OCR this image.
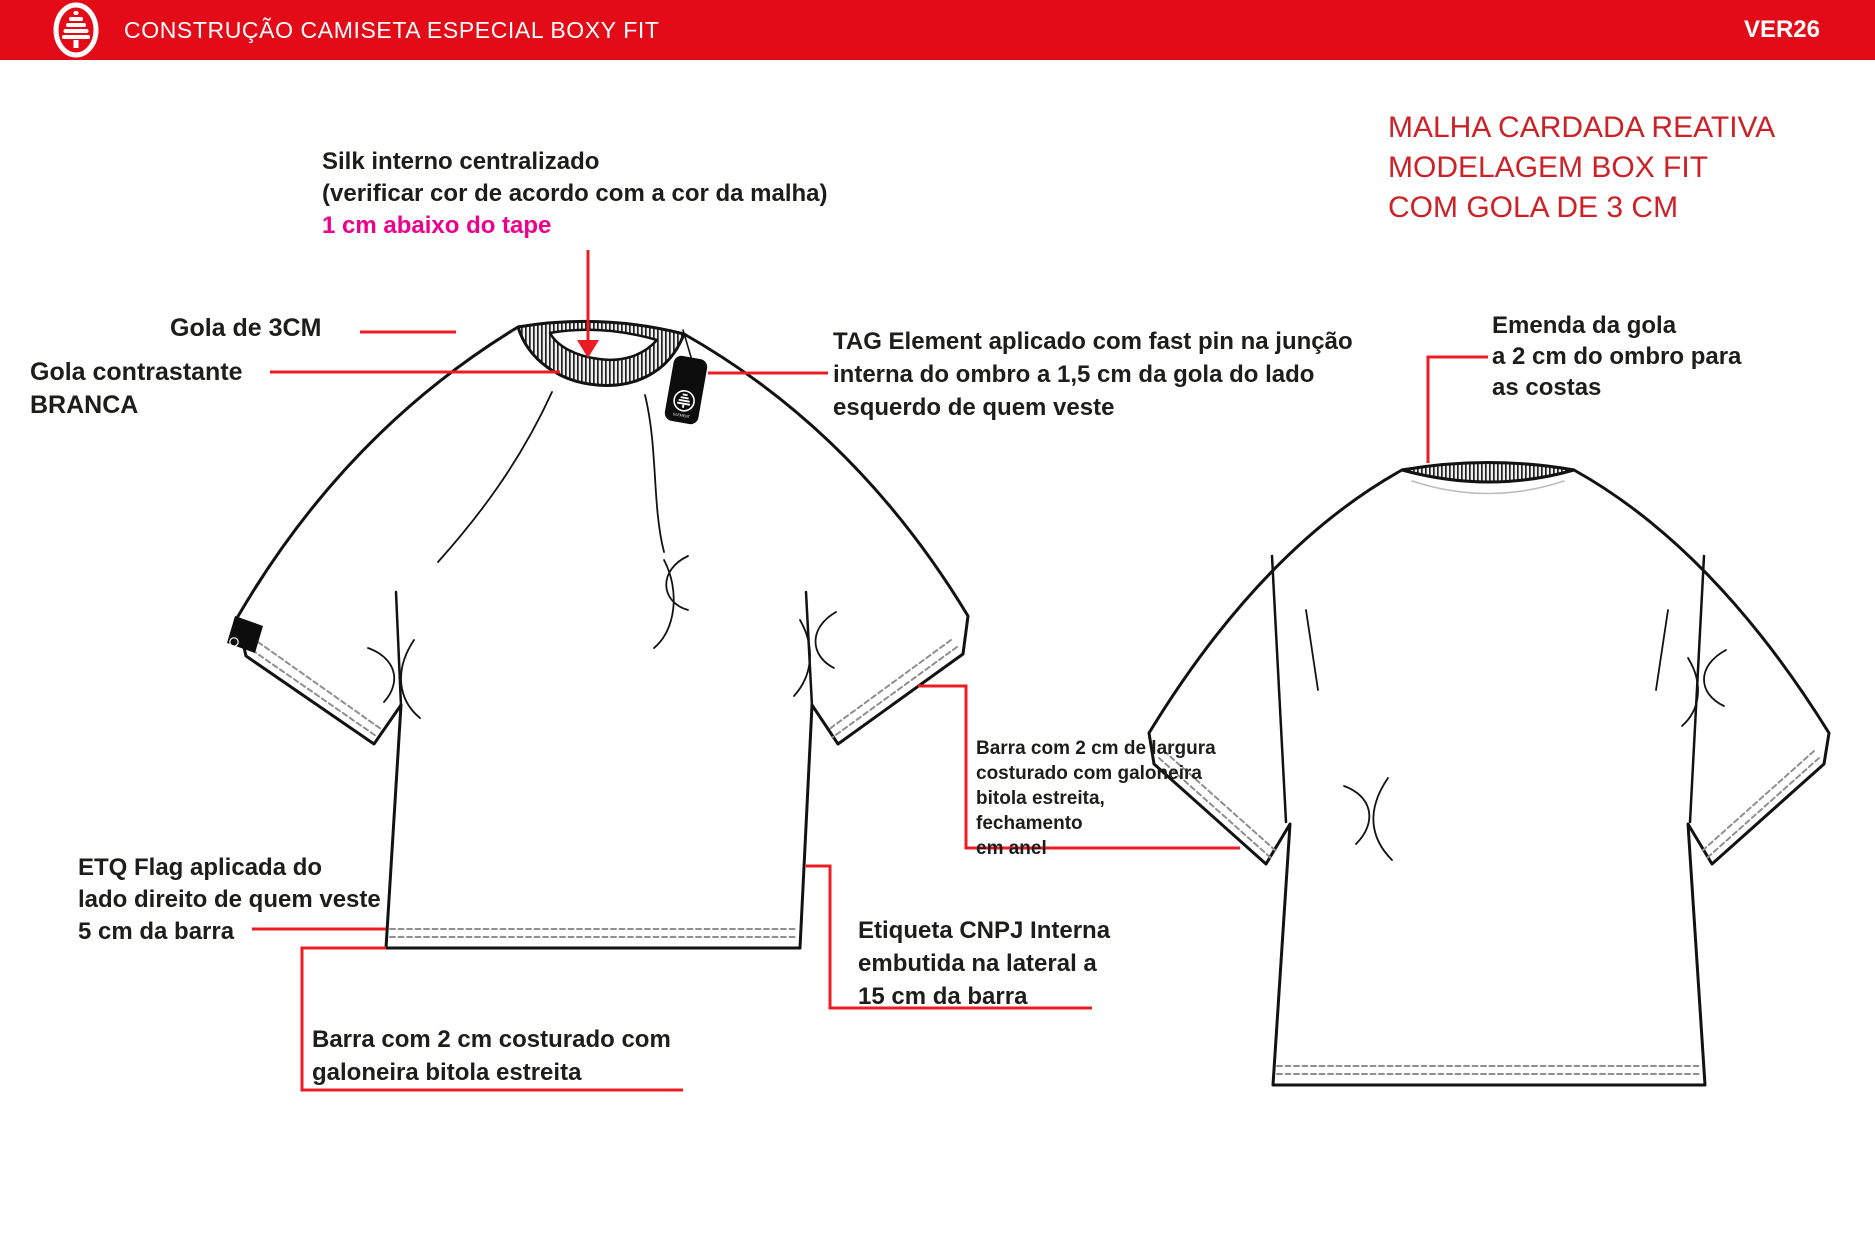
ELEMENT
Silk interno centralizado
(verificar cor de acordo com a cor da malha)
1 cm abaixo do tape
Gola de 3CM
Gola contrastante
BRANCA
TAG Element aplicado com fast pin na junção
interna do ombro a 1,5 cm da gola do lado
esquerdo de quem veste
MALHA CARDADA REATIVA
MODELAGEM BOX FIT
COM GOLA DE 3 CM
Emenda da gola
a 2 cm do ombro para
as costas
Barra com 2 cm de largura
costurado com galoneira
bitola estreita,
fechamento
em anel
ETQ Flag aplicada do
lado direito de quem veste
5 cm da barra	Etiqueta CNPJ Interna
embutida na lateral a
15 cm da barra
Barra com 2 cm costurado com
galoneira bitola estreita
CONSTRUÇÃO CAMISETA ESPECIAL BOXY FIT	VER26
